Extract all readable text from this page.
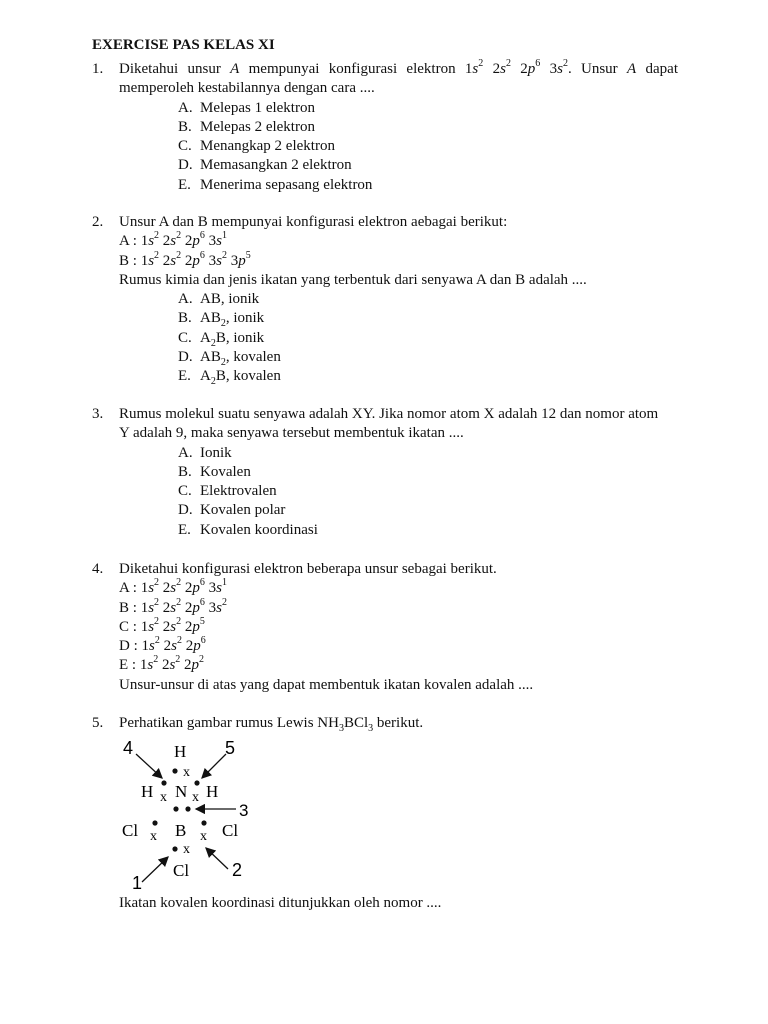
EXERCISE PAS KELAS XI
1. Diketahui unsur A mempunyai konfigurasi elektron $1s^2$ $2s^2$ $2p^6$ $3s^2$. Unsur A dapat
memperoleh kestabilannya dengan cara ....
A. Melepas 1 elektron
B. Melepas 2 elektron
C. Menangkap 2 elektron
D. Memasangkan 2 elektron
E. Menerima sepasang elektron
2. Unsur A dan B mempunyai konfigurasi elektron aebagai berikut:
A : $1s^2$ $2s^2$ $2p^6$ $3s^1$
B : $1s^2$ $2s^2$ $2p^6$ $3s^2$ $3p^5$
Rumus kimia dan jenis ikatan yang terbentuk dari senyawa A dan B adalah ....
A. AB, ionik
B. $AB_2$, ionik
C. $A_2B$, ionik
D. $AB_2$, kovalen
E. $A_2B$, kovalen
3. Rumus molekul suatu senyawa adalah XY. Jika nomor atom X adalah 12 dan nomor atom
Y adalah 9, maka senyawa tersebut membentuk ikatan ....
A. Ionik
B. Kovalen
C. Elektrovalen
D. Kovalen polar
E. Kovalen koordinasi
4. Diketahui konfigurasi elektron beberapa unsur sebagai berikut.
A : $1s^2$ $2s^2$ $2p^6$ $3s^1$
B : $1s^2$ $2s^2$ $2p^6$ $3s^2$
C : $1s^2$ $2s^2$ $2p^5$
D : $1s^2$ $2s^2$ $2p^6$
E : $1s^2$ $2s^2$ $2p^2$
Unsur-unsur di atas yang dapat membentuk ikatan kovalen adalah ....
5. Perhatikan gambar rumus Lewis $NH_3BCl_3$ berikut.
H
H N H
Cl B Cl
Cl
x
x x
x	x
x
4	5
3
2
1
Ikatan kovalen koordinasi ditunjukkan oleh nomor ....
